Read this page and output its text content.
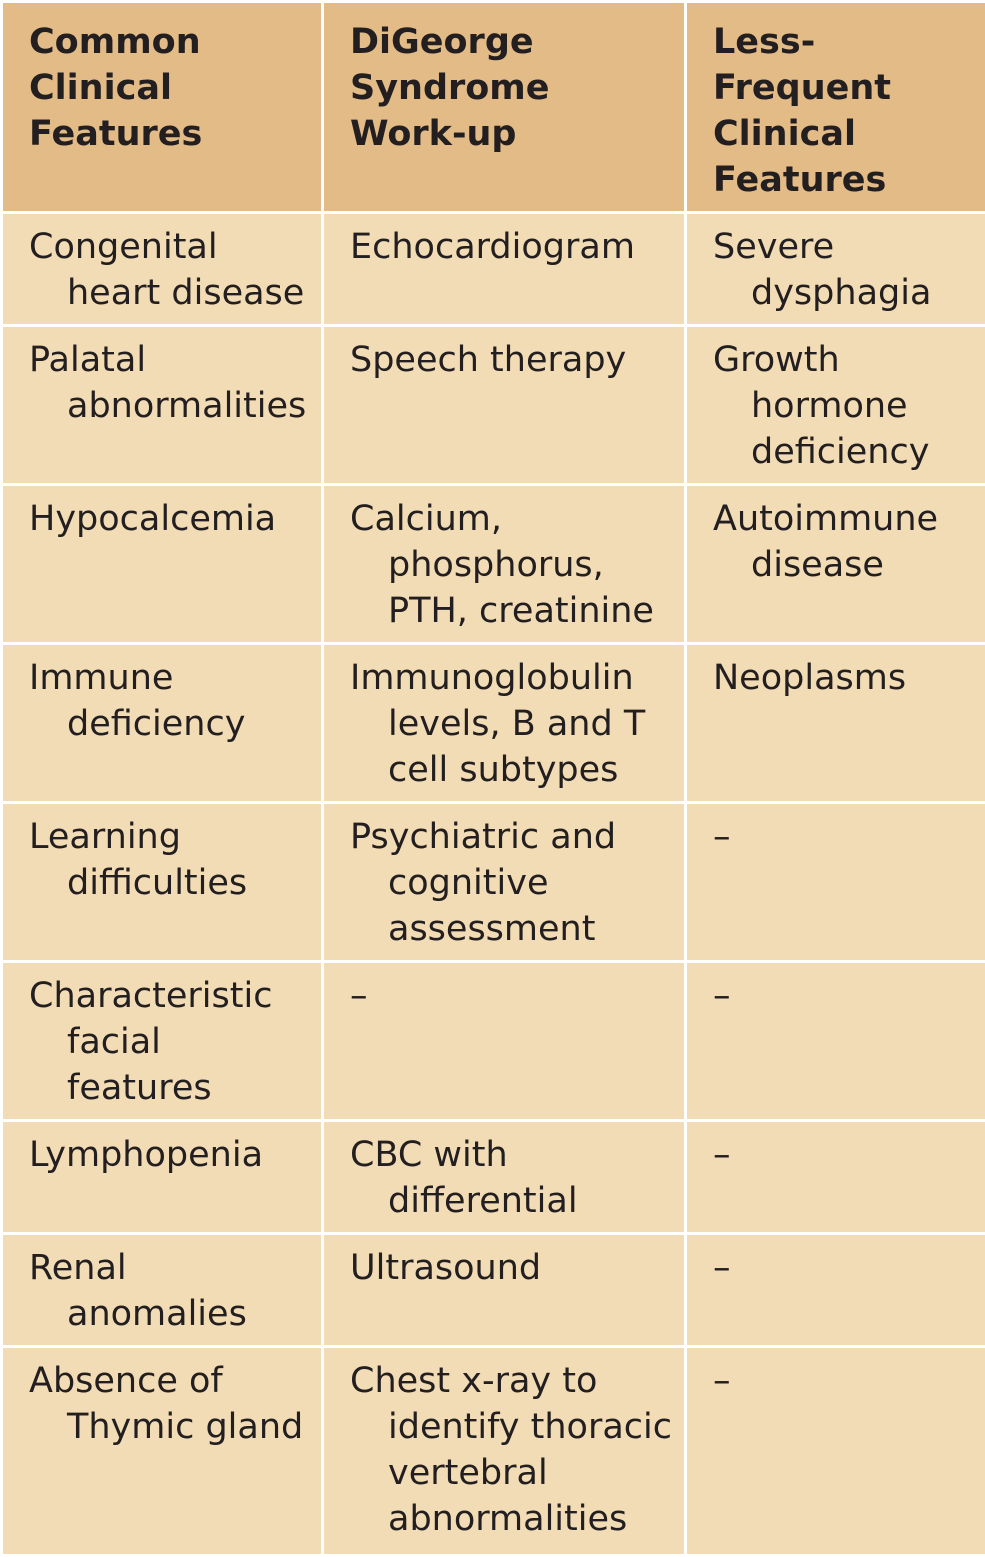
Common Clinical Features	DiGeorge Syndrome Work-up	Less-Frequent Clinical Features

Congenital heart disease	Echocardiogram	Severe dysphagia

Palatal abnormalities	Speech therapy	Growth hormone deficiency

Hypocalcemia	Calcium, phosphorus, PTH, creatinine	Autoimmune disease

Immune deficiency	Immunoglobulin levels, B and T cell subtypes	Neoplasms

Learning difficulties	Psychiatric and cognitive assessment	–

Characteristic facial features	–	–

Lymphopenia	CBC with differential	–

Renal anomalies	Ultrasound	–

Absence of Thymic gland	Chest x-ray to identify thoracic vertebral abnormalities	–
